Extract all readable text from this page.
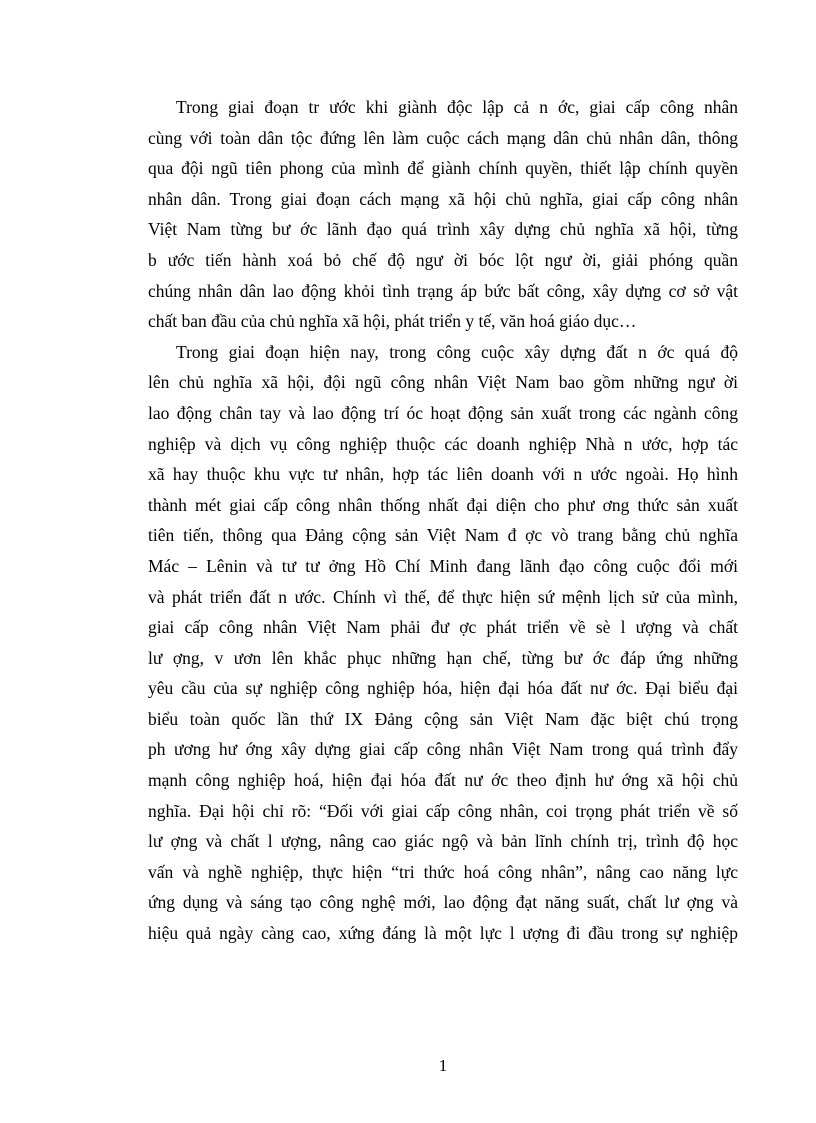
Trong giai đoạn tr ước khi giành độc lập cả n ớc, giai cấp công nhân
cùng với toàn dân tộc đứng lên làm cuộc cách mạng dân chủ nhân dân, thông
qua đội ngũ tiên phong của mình để giành chính quyền, thiết lập chính quyền
nhân dân. Trong giai đoạn cách mạng xã hội chủ nghĩa, giai cấp công nhân
Việt Nam từng bư ớc lãnh đạo quá trình xây dựng chủ nghĩa xã hội, từng
b ước tiến hành xoá bỏ chế độ ngư ời bóc lột ngư ời, giải phóng quần
chúng nhân dân lao động khỏi tình trạng áp bức bất công, xây dựng cơ sở vật
chất ban đầu của chủ nghĩa xã hội, phát triển y tế, văn hoá giáo dục…

Trong giai đoạn hiện nay, trong công cuộc xây dựng đất n ớc quá độ
lên chủ nghĩa xã hội, đội ngũ công nhân Việt Nam bao gồm những ngư ời
lao động chân tay và lao động trí óc hoạt động sản xuất trong các ngành công
nghiệp và dịch vụ công nghiệp thuộc các doanh nghiệp Nhà n ước, hợp tác
xã hay thuộc khu vực tư nhân, hợp tác liên doanh với n ước ngoài. Họ hình
thành mét giai cấp công nhân thống nhất đại diện cho phư ơng thức sản xuất
tiên tiến, thông qua Đảng cộng sản Việt Nam đ ợc vò trang bằng chủ nghĩa
Mác – Lênin và tư tư ởng Hồ Chí Minh đang lãnh đạo công cuộc đổi mới
và phát triển đất n ước. Chính vì thế, để thực hiện sứ mệnh lịch sử của mình,
giai cấp công nhân Việt Nam phải đư ợc phát triển về sè l ượng và chất
lư ợng, v ươn lên khắc phục những hạn chế, từng bư ớc đáp ứng những
yêu cầu của sự nghiệp công nghiệp hóa, hiện đại hóa đất nư ớc. Đại biểu đại
biểu toàn quốc lần thứ IX Đảng cộng sản Việt Nam đặc biệt chú trọng
ph ương hư ớng xây dựng giai cấp công nhân Việt Nam trong quá trình đẩy
mạnh công nghiệp hoá, hiện đại hóa đất nư ớc theo định hư ớng xã hội chủ
nghĩa. Đại hội chỉ rõ: “Đối với giai cấp công nhân, coi trọng phát triển về số
lư ợng và chất l ượng, nâng cao giác ngộ và bản lĩnh chính trị, trình độ học
vấn và nghề nghiệp, thực hiện “tri thức hoá công nhân”, nâng cao năng lực
ứng dụng và sáng tạo công nghệ mới, lao động đạt năng suất, chất lư ợng và
hiệu quả ngày càng cao, xứng đáng là một lực l ượng đi đầu trong sự nghiệp

1
